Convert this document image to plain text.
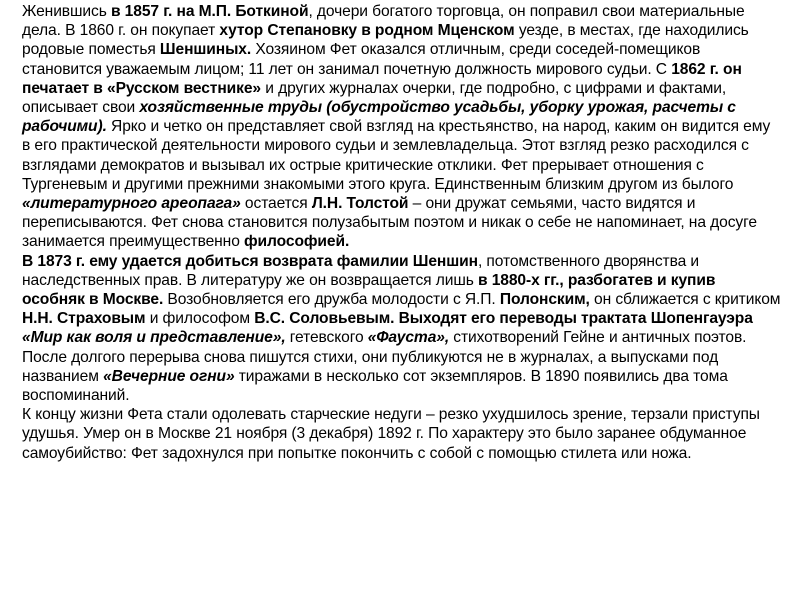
Женившись в 1857 г. на М.П. Боткиной, дочери богатого торговца, он поправил свои материальные дела. В 1860 г. он покупает хутор Степановку в родном Мценском уезде, в местах, где находились родовые поместья Шеншиных. Хозяином Фет оказался отличным, среди соседей-помещиков становится уважаемым лицом; 11 лет он занимал почетную должность мирового судьи. С 1862 г. он печатает в «Русском вестнике» и других журналах очерки, где подробно, с цифрами и фактами, описывает свои хозяйственные труды (обустройство усадьбы, уборку урожая, расчеты с рабочими). Ярко и четко он представляет свой взгляд на крестьянство, на народ, каким он видится ему в его практической деятельности мирового судьи и землевладельца. Этот взгляд резко расходился с взглядами демократов и вызывал их острые критические отклики. Фет прерывает отношения с Тургеневым и другими прежними знакомыми этого круга. Единственным близким другом из былого «литературного ареопага» остается Л.Н. Толстой – они дружат семьями, часто видятся и переписываются. Фет снова становится полузабытым поэтом и никак о себе не напоминает, на досуге занимается преимущественно философией.

В 1873 г. ему удается добиться возврата фамилии Шеншин, потомственного дворянства и наследственных прав. В литературу же он возвращается лишь в 1880-х гг., разбогатев и купив особняк в Москве. Возобновляется его дружба молодости с Я.П. Полонским, он сближается с критиком Н.Н. Страховым и философом В.С. Соловьевым. Выходят его переводы трактата Шопенгауэра «Мир как воля и представление», гетевского «Фауста», стихотворений Гейне и античных поэтов. После долгого перерыва снова пишутся стихи, они публикуются не в журналах, а выпусками под названием «Вечерние огни» тиражами в несколько сот экземпляров. В 1890 появились два тома воспоминаний.

К концу жизни Фета стали одолевать старческие недуги – резко ухудшилось зрение, терзали приступы удушья. Умер он в Москве 21 ноября (3 декабря) 1892 г. По характеру это было заранее обдуманное самоубийство: Фет задохнулся при попытке покончить с собой с помощью стилета или ножа.
